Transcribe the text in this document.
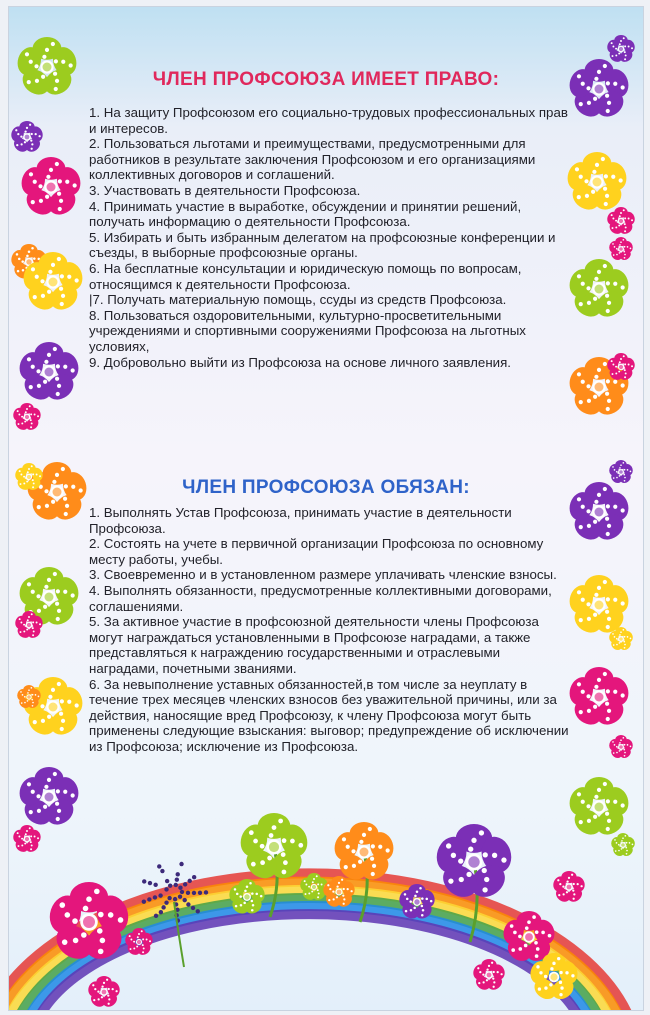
ЧЛЕН ПРОФСОЮЗА ИМЕЕТ ПРАВО:

1. На защиту Профсоюзом его социально-трудовых профессиональных прав и интересов.

2. Пользоваться льготами и преимуществами, предусмотренными для работников в результате заключения Профсоюзом и его организациями коллективных договоров и соглашений.

3. Участвовать в деятельности Профсоюза.

4. Принимать участие в выработке, обсуждении и принятии решений, получать информацию о деятельности Профсоюза.

5. Избирать и быть избранным делегатом на профсоюзные конференции и съезды, в выборные профсоюзные органы.

6. На бесплатные консультации и юридическую помощь по вопросам, относящимся к деятельности Профсоюза.

|7. Получать материальную помощь, ссуды из средств Профсоюза.

8. Пользоваться оздоровительными, культурно-просветительными учреждениями и спортивными сооружениями Профсоюза на льготных условиях,

9. Добровольно выйти из Профсоюза на основе личного заявления.

ЧЛЕН ПРОФСОЮЗА ОБЯЗАН:

1. Выполнять Устав Профсоюза, принимать участие в деятельности Профсоюза.

2. Состоять на учете в первичной организации Профсоюза по основному месту работы, учебы.

3. Своевременно и в установленном размере уплачивать членские взносы.

4. Выполнять обязанности, предусмотренные коллективными договорами, соглашениями.

5. За активное участие в профсоюзной деятельности члены Профсоюза могут награждаться установленными в Профсоюзе наградами, а также представляться к награждению государственными и отраслевыми наградами, почетными званиями.

6. За невыполнение уставных обязанностей,в том числе за неуплату в течение трех месяцев членских взносов без уважительной причины, или за действия, наносящие вред Профсоюзу, к члену Профсоюза могут быть применены следующие взыскания: выговор; предупреждение об исключении из Профсоюза; исключение из Профсоюза.
